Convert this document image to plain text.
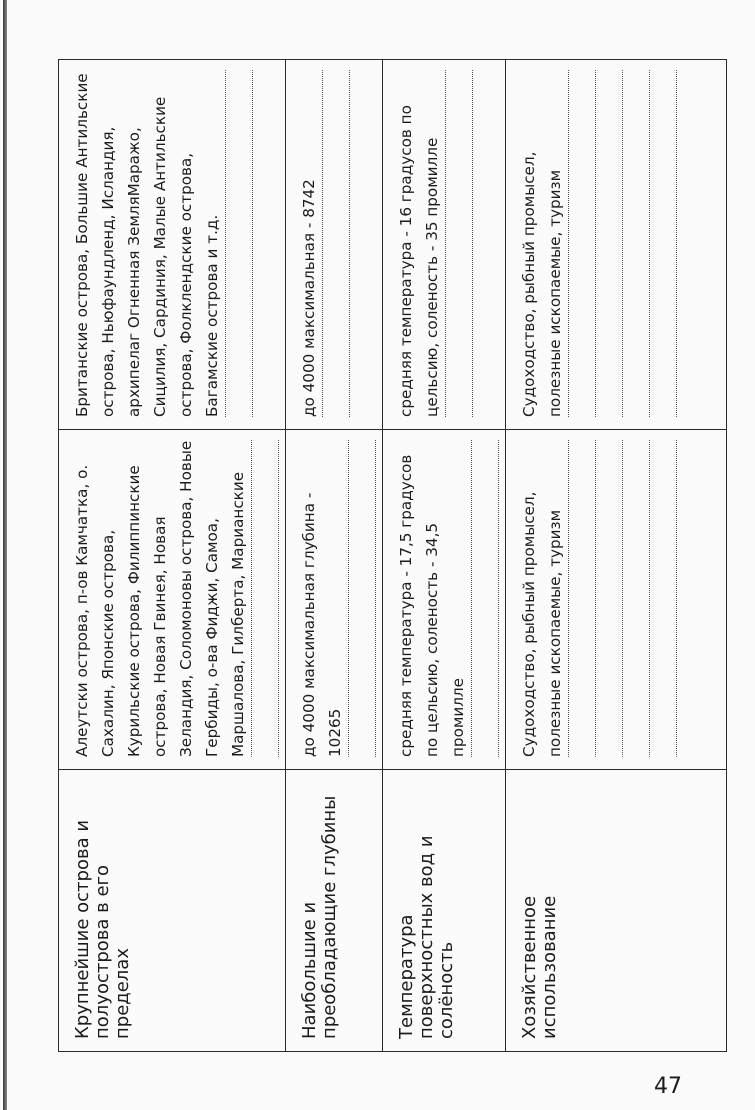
Крупнейшие острова и полуострова в его пределах	Алеутски острова, п-ов Камчатка, о. Сахалин, Японские острова, Курильские острова, Филиппинские острова, Новая Гвинея, Новая Зеландия, Соломоновы острова, Новые Гербиды, о-ва Фиджи, Самоа, Маршалова, Гилберта, Марианские	Британские острова, Большие Антильские острова, Ньюфаундленд, Исландия, архипелаг Огненная ЗемляМаражо, Сицилия, Сардиния, Малые Антильские острова, Фолклендские острова, Багамские острова и т.д.

Наибольшие и преобладающие глубины	до 4000 максимальная глубина - 10265	до 4000 максимальная - 8742

Температура поверхностных вод и солёность	средняя температура - 17,5 градусов по цельсию, соленость - 34,5 промилле	средняя температура - 16 градусов по цельсию, соленость - 35 промилле

Хозяйственное использование	Судоходство, рыбный промысел, полезные ископаемые, туризм	Судоходство, рыбный промысел, полезные ископаемые, туризм
47
